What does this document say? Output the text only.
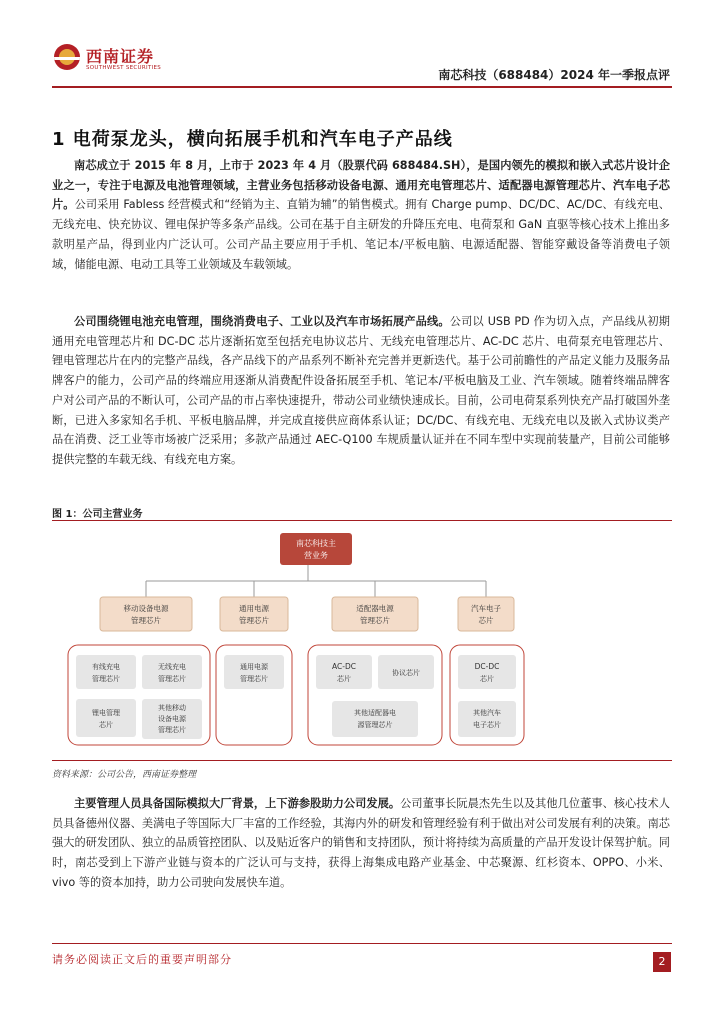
西南证券
SOUTHWEST SECURITIES	南芯科技（688484）2024 年一季报点评
1 电荷泵龙头，横向拓展手机和汽车电子产品线

南芯成立于 2015 年 8 月，上市于 2023 年 4 月（股票代码 688484.SH），是国内领先的模拟和嵌入式芯片设计企业之一，专注于电源及电池管理领域，主营业务包括移动设备电源、通用充电管理芯片、适配器电源管理芯片、汽车电子芯片。公司采用 Fabless 经营模式和“经销为主、直销为辅”的销售模式。拥有 Charge pump、DC/DC、AC/DC、有线充电、无线充电、快充协议、锂电保护等多条产品线。公司在基于自主研发的升降压充电、电荷泵和 GaN 直驱等核心技术上推出多款明星产品，得到业内广泛认可。公司产品主要应用于手机、笔记本/平板电脑、电源适配器、智能穿戴设备等消费电子领域，储能电源、电动工具等工业领域及车载领域。

公司围绕锂电池充电管理，围绕消费电子、工业以及汽车市场拓展产品线。公司以 USB PD 作为切入点，产品线从初期通用充电管理芯片和 DC-DC 芯片逐渐拓宽至包括充电协议芯片、无线充电管理芯片、AC-DC 芯片、电荷泵充电管理芯片、锂电管理芯片在内的完整产品线，各产品线下的产品系列不断补充完善并更新迭代。基于公司前瞻性的产品定义能力及服务品牌客户的能力，公司产品的终端应用逐渐从消费配件设备拓展至手机、笔记本/平板电脑及工业、汽车领域。随着终端品牌客户对公司产品的不断认可，公司产品的市占率快速提升，带动公司业绩快速成长。目前，公司电荷泵系列快充产品打破国外垄断，已进入多家知名手机、平板电脑品牌，并完成直接供应商体系认证；DC/DC、有线充电、无线充电以及嵌入式协议类产品在消费、泛工业等市场被广泛采用；多款产品通过 AEC-Q100 车规质量认证并在不同车型中实现前装量产，目前公司能够提供完整的车载无线、有线充电方案。

图 1：公司主营业务
南芯科技主
营业务
移动设备电源
管理芯片
通用电源
管理芯片
适配器电源
管理芯片
汽车电子
芯片
有线充电
管理芯片
无线充电
管理芯片
锂电管理
芯片
其他移动
设备电源
管理芯片
通用电源
管理芯片
AC-DC
芯片
协议芯片
其他适配器电
源管理芯片
DC-DC
芯片
其他汽车
电子芯片
资料来源：公司公告，西南证券整理

主要管理人员具备国际模拟大厂背景，上下游参股助力公司发展。公司董事长阮晨杰先生以及其他几位董事、核心技术人员具备德州仪器、美满电子等国际大厂丰富的工作经验，其海内外的研发和管理经验有利于做出对公司发展有利的决策。南芯强大的研发团队、独立的品质管控团队、以及贴近客户的销售和支持团队，预计将持续为高质量的产品开发设计保驾护航。同时，南芯受到上下游产业链与资本的广泛认可与支持，获得上海集成电路产业基金、中芯聚源、红杉资本、OPPO、小米、vivo 等的资本加持，助力公司驶向发展快车道。

请务必阅读正文后的重要声明部分	2
